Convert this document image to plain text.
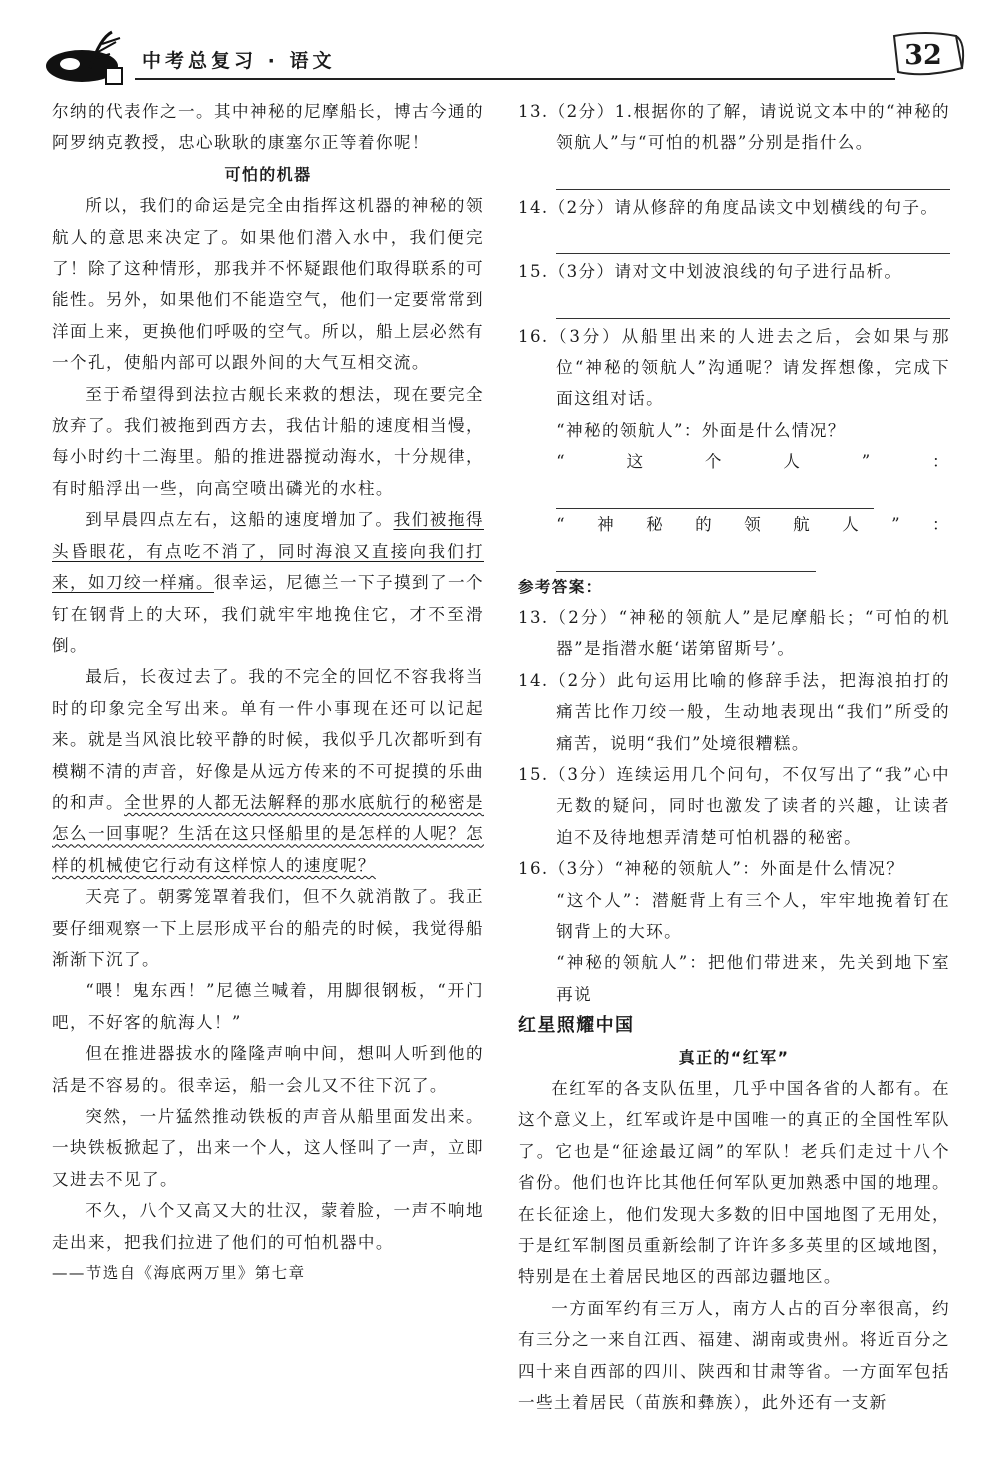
中考总复习 · 语文	32

尔纳的代表作之一。其中神秘的尼摩船长，博古今通的阿罗纳克教授，忠心耿耿的康塞尔正等着你呢！

可怕的机器

所以，我们的命运是完全由指挥这机器的神秘的领航人的意思来决定了。如果他们潜入水中，我们便完了！除了这种情形，那我并不怀疑跟他们取得联系的可能性。另外，如果他们不能造空气，他们一定要常常到洋面上来，更换他们呼吸的空气。所以，船上层必然有一个孔，使船内部可以跟外间的大气互相交流。

至于希望得到法拉古舰长来救的想法，现在要完全放弃了。我们被拖到西方去，我估计船的速度相当慢，每小时约十二海里。船的推进器搅动海水，十分规律，有时船浮出一些，向高空喷出磷光的水柱。

到早晨四点左右，这船的速度增加了。我们被拖得头昏眼花，有点吃不消了，同时海浪又直接向我们打来，如刀绞一样痛。很幸运，尼德兰一下子摸到了一个钉在钢背上的大环，我们就牢牢地挽住它，才不至滑倒。

最后，长夜过去了。我的不完全的回忆不容我将当时的印象完全写出来。单有一件小事现在还可以记起来。就是当风浪比较平静的时候，我似乎几次都听到有模糊不清的声音，好像是从远方传来的不可捉摸的乐曲的和声。全世界的人都无法解释的那水底航行的秘密是怎么一回事呢？生活在这只怪船里的是怎样的人呢？怎样的机械使它行动有这样惊人的速度呢？

天亮了。朝雾笼罩着我们，但不久就消散了。我正要仔细观察一下上层形成平台的船壳的时候，我觉得船渐渐下沉了。

“喂！鬼东西！”尼德兰喊着，用脚很钢板，“开门吧，不好客的航海人！”

但在推进器拔水的隆隆声响中间，想叫人听到他的活是不容易的。很幸运，船一会儿又不往下沉了。

突然，一片猛然推动铁板的声音从船里面发出来。一块铁板掀起了，出来一个人，这人怪叫了一声，立即又进去不见了。

不久，八个又高又大的壮汉，蒙着脸，一声不响地走出来，把我们拉进了他们的可怕机器中。

——节选自《海底两万里》第七章

13.（2分）1.根据你的了解，请说说文本中的“神秘的领航人”与“可怕的机器”分别是指什么。

14.（2分）请从修辞的角度品读文中划横线的句子。

15.（3分）请对文中划波浪线的句子进行品析。

16.（3分）从船里出来的人进去之后，会如果与那位“神秘的领航人”沟通呢？请发挥想像，完成下面这组对话。

“神秘的领航人”：外面是什么情况？

“这个人”：

“神秘的领航人”：

参考答案：

13.（2分）“神秘的领航人”是尼摩船长；“可怕的机器”是指潜水艇‘诺第留斯号’。

14.（2分）此句运用比喻的修辞手法，把海浪拍打的痛苦比作刀绞一般，生动地表现出“我们”所受的痛苦，说明“我们”处境很糟糕。

15.（3分）连续运用几个问句，不仅写出了“我”心中无数的疑问，同时也激发了读者的兴趣，让读者迫不及待地想弄清楚可怕机器的秘密。

16.（3分）“神秘的领航人”：外面是什么情况？

“这个人”：潜艇背上有三个人，牢牢地挽着钉在钢背上的大环。

“神秘的领航人”：把他们带进来，先关到地下室再说

红星照耀中国
真正的“红军”

在红军的各支队伍里，几乎中国各省的人都有。在这个意义上，红军或许是中国唯一的真正的全国性军队了。它也是“征途最辽阔”的军队！老兵们走过十八个省份。他们也许比其他任何军队更加熟悉中国的地理。在长征途上，他们发现大多数的旧中国地图了无用处，于是红军制图员重新绘制了许许多多英里的区域地图，特别是在土着居民地区的西部边疆地区。

一方面军约有三万人，南方人占的百分率很高，约有三分之一来自江西、福建、湖南或贵州。将近百分之四十来自西部的四川、陕西和甘肃等省。一方面军包括一些土着居民（苗族和彝族），此外还有一支新
